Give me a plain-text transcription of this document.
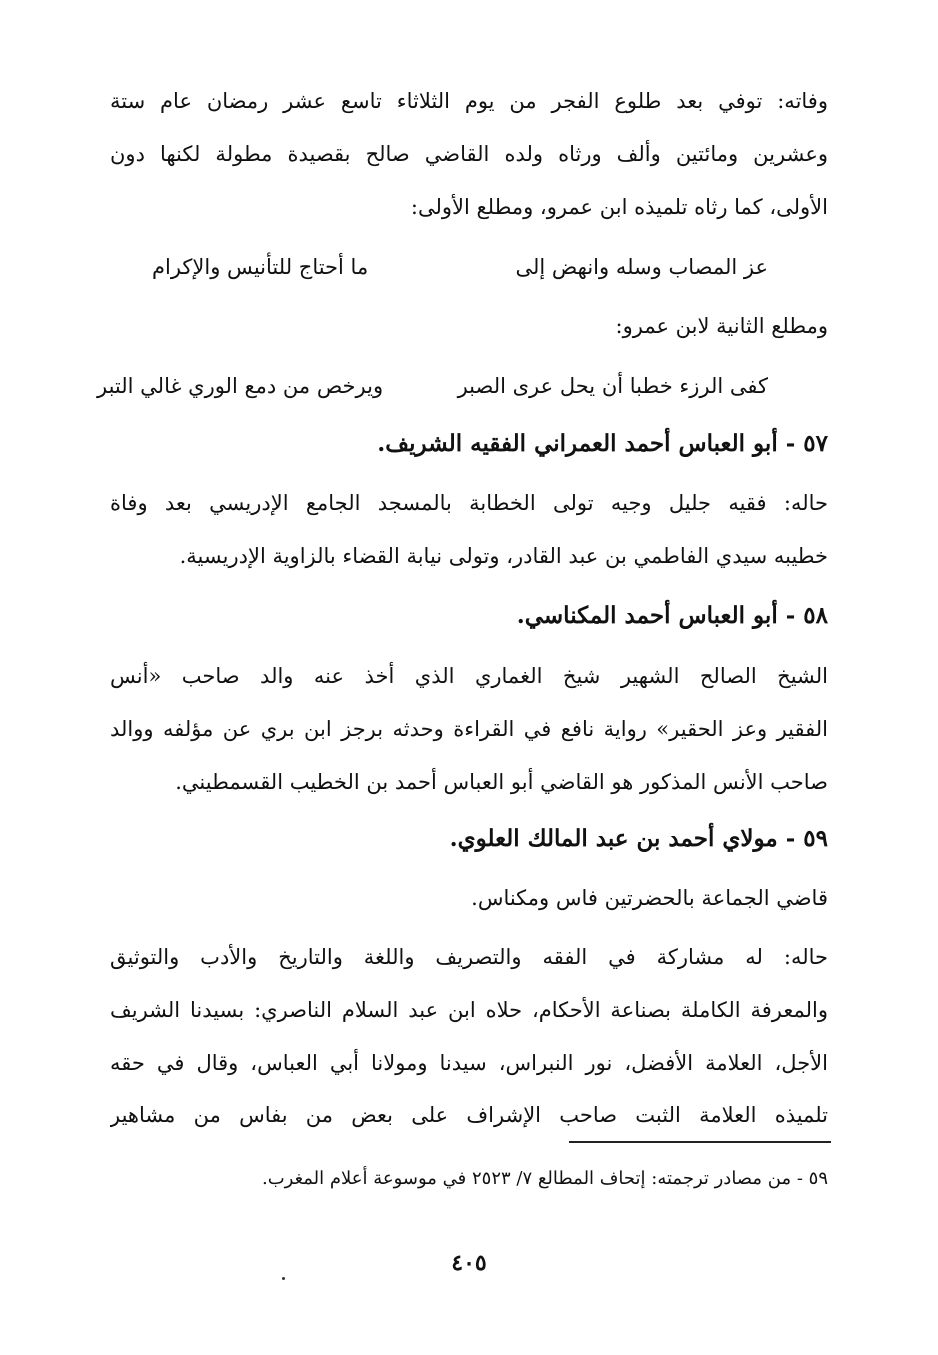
وفاته: توفي بعد طلوع الفجر من يوم الثلاثاء تاسع عشر رمضان عام ستة
وعشرين ومائتين وألف ورثاه ولده القاضي صالح بقصيدة مطولة لكنها دون
الأولى، كما رثاه تلميذه ابن عمرو، ومطلع الأولى:
عز المصاب وسله وانهض إلى
ما أحتاج للتأنيس والإكرام
ومطلع الثانية لابن عمرو:
كفى الرزء خطبا أن يحل عرى الصبر
ويرخص من دمع الوري غالي التبر
٥٧ - أبو العباس أحمد العمراني الفقيه الشريف.
حاله: فقيه جليل وجيه تولى الخطابة بالمسجد الجامع الإدريسي بعد وفاة
خطيبه سيدي الفاطمي بن عبد القادر، وتولى نيابة القضاء بالزاوية الإدريسية.
٥٨ - أبو العباس أحمد المكناسي.
الشيخ الصالح الشهير شيخ الغماري الذي أخذ عنه والد صاحب «أنس
الفقير وعز الحقير» رواية نافع في القراءة وحدثه برجز ابن بري عن مؤلفه ووالد
صاحب الأنس المذكور هو القاضي أبو العباس أحمد بن الخطيب القسمطيني.
٥٩ - مولاي أحمد بن عبد المالك العلوي.
قاضي الجماعة بالحضرتين فاس ومكناس.
حاله: له مشاركة في الفقه والتصريف واللغة والتاريخ والأدب والتوثيق
والمعرفة الكاملة بصناعة الأحكام، حلاه ابن عبد السلام الناصري: بسيدنا الشريف
الأجل، العلامة الأفضل، نور النبراس، سيدنا ومولانا أبي العباس، وقال في حقه
تلميذه العلامة الثبت صاحب الإشراف على بعض من بفاس من مشاهير
٥٩ - من مصادر ترجمته: إتحاف المطالع ٧/ ٢٥٢٣ في موسوعة أعلام المغرب.
٤٠٥
